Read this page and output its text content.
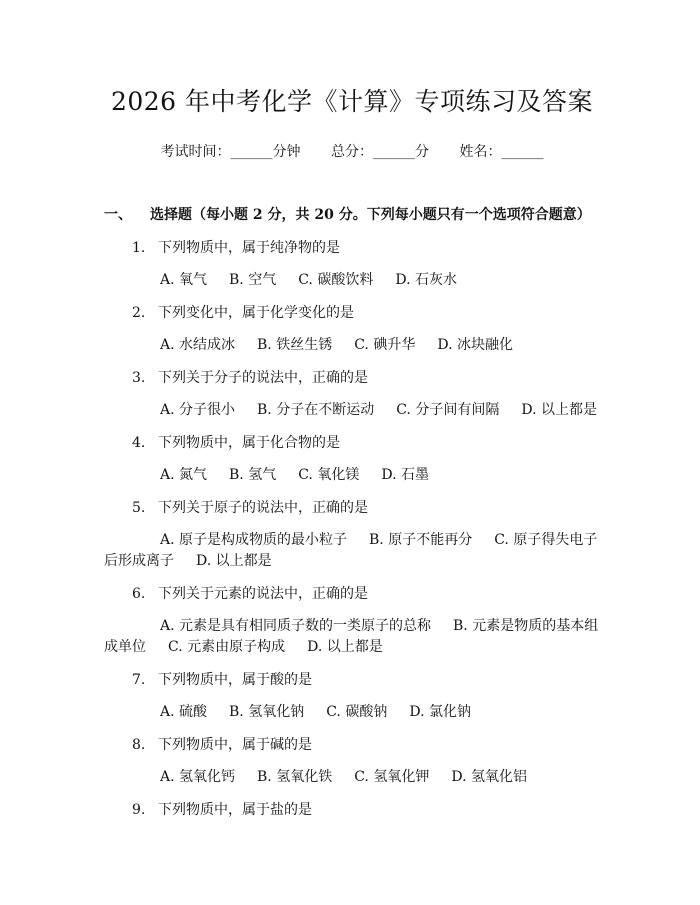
2026 年中考化学《计算》专项练习及答案
考试时间：______分钟 总分：______分 姓名：______
一、 选择题（每小题 2 分，共 20 分。下列每小题只有一个选项符合题意）
1. 下列物质中，属于纯净物的是
A. 氧气 B. 空气 C. 碳酸饮料 D. 石灰水
2. 下列变化中，属于化学变化的是
A. 水结成冰 B. 铁丝生锈 C. 碘升华 D. 冰块融化
3. 下列关于分子的说法中，正确的是
A. 分子很小 B. 分子在不断运动 C. 分子间有间隔 D. 以上都是
4. 下列物质中，属于化合物的是
A. 氮气 B. 氢气 C. 氧化镁 D. 石墨
5. 下列关于原子的说法中，正确的是
A. 原子是构成物质的最小粒子 B. 原子不能再分 C. 原子得失电子后形成离子 D. 以上都是
6. 下列关于元素的说法中，正确的是
A. 元素是具有相同质子数的一类原子的总称 B. 元素是物质的基本组成单位 C. 元素由原子构成 D. 以上都是
7. 下列物质中，属于酸的是
A. 硫酸 B. 氢氧化钠 C. 碳酸钠 D. 氯化钠
8. 下列物质中，属于碱的是
A. 氢氧化钙 B. 氢氧化铁 C. 氢氧化钾 D. 氢氧化铝
9. 下列物质中，属于盐的是
